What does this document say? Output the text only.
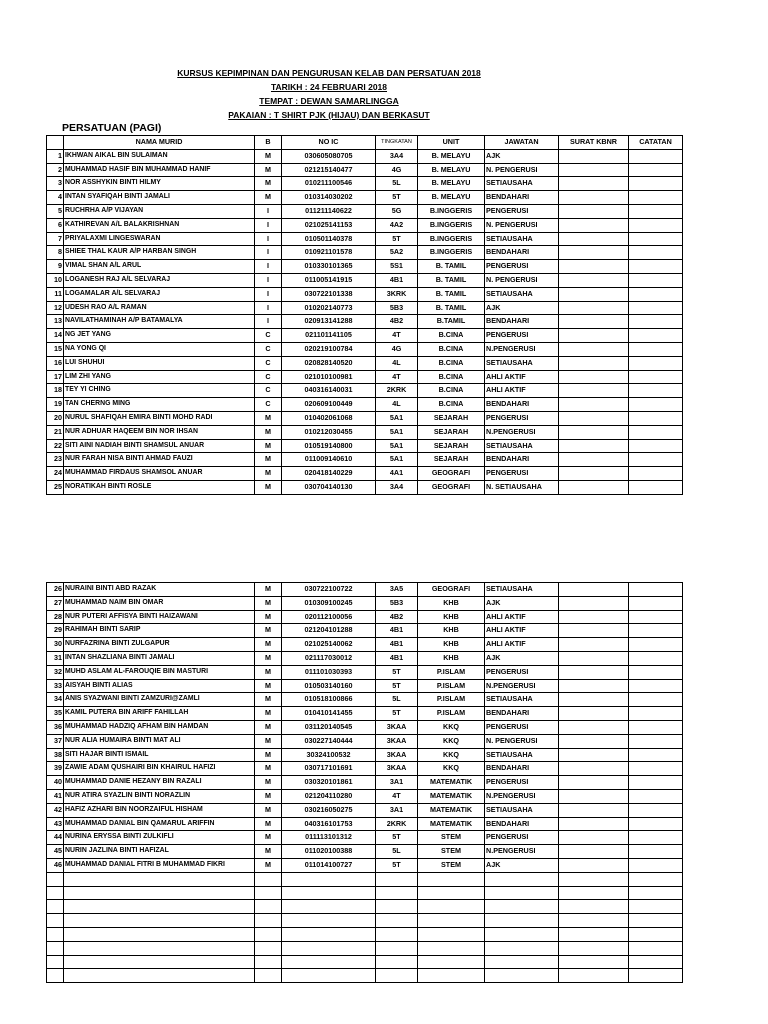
KURSUS KEPIMPINAN DAN PENGURUSAN KELAB DAN PERSATUAN 2018
TARIKH : 24 FEBRUARI 2018
TEMPAT : DEWAN SAMARLINGGA
PAKAIAN : T SHIRT PJK (HIJAU) DAN BERKASUT
PERSATUAN (PAGI)
	NAMA MURID	B	NO IC	TINGKATAN	UNIT	JAWATAN	SURAT KBNR	CATATAN
1	IKHWAN AIKAL BIN SULAIMAN	M	030605080705	3A4	B. MELAYU	AJK		
2	MUHAMMAD HASIF BIN MUHAMMAD HANIF	M	021215140477	4G	B. MELAYU	N. PENGERUSI		
3	NOR ASSHYKIN BINTI HILMY	M	010211100546	5L	B. MELAYU	SETIAUSAHA		
4	INTAN SYAFIQAH BINTI JAMALI	M	010314030202	5T	B. MELAYU	BENDAHARI		
5	RUCHRHA A/P VIJAYAN	I	011211140622	5G	B.INGGERIS	PENGERUSI		
6	KATHIREVAN A/L BALAKRISHNAN	I	021025141153	4A2	B.INGGERIS	N. PENGERUSI		
7	PRIYALAXMI LINGESWARAN	I	010501140378	5T	B.INGGERIS	SETIAUSAHA		
8	SHIEE THAL KAUR A/P HARBAN SINGH	I	010921101578	5A2	B.INGGERIS	BENDAHARI		
9	VIMAL SHAN A/L ARUL	I	010330101365	5S1	B. TAMIL	PENGERUSI		
10	LOGANESH RAJ A/L SELVARAJ	I	011005141915	4B1	B. TAMIL	N. PENGERUSI		
11	LOGAMALAR A/L SELVARAJ	I	030722101338	3KRK	B. TAMIL	SETIAUSAHA		
12	UDESH RAO A/L RAMAN	I	010202140773	5B3	B. TAMIL	AJK		
13	NAVILATHAMINAH A/P BATAMALYA	I	020913141288	4B2	B.TAMIL	BENDAHARI		
14	NG JET YANG	C	021101141105	4T	B.CINA	PENGERUSI		
15	NA YONG QI	C	020219100784	4G	B.CINA	N.PENGERUSI		
16	LUI SHUHUI	C	020828140520	4L	B.CINA	SETIAUSAHA		
17	LIM ZHI YANG	C	021010100981	4T	B.CINA	AHLI AKTIF		
18	TEY YI CHING	C	040316140031	2KRK	B.CINA	AHLI AKTIF		
19	TAN CHERNG MING	C	020609100449	4L	B.CINA	BENDAHARI		
20	NURUL SHAFIQAH EMIRA BINTI MOHD RADI	M	010402061068	5A1	SEJARAH	PENGERUSI		
21	NUR ADHUAR HAQEEM BIN NOR IHSAN	M	010212030455	5A1	SEJARAH	N.PENGERUSI		
22	SITI AINI NADIAH BINTI SHAMSUL ANUAR	M	010519140800	5A1	SEJARAH	SETIAUSAHA		
23	NUR FARAH NISA BINTI AHMAD FAUZI	M	011009140610	5A1	SEJARAH	BENDAHARI		
24	MUHAMMAD FIRDAUS SHAMSOL ANUAR	M	020418140229	4A1	GEOGRAFI	PENGERUSI		
25	NORATIKAH BINTI ROSLE	M	030704140130	3A4	GEOGRAFI	N. SETIAUSAHA		
26	NURAINI BINTI ABD RAZAK	M	030722100722	3A5	GEOGRAFI	SETIAUSAHA		
27	MUHAMMAD NAIM BIN OMAR	M	010309100245	5B3	KHB	AJK		
28	NUR PUTERI AFFISYA BINTI HAIZAWANI	M	020112100056	4B2	KHB	AHLI AKTIF		
29	RAHIMAH BINTI SARIP	M	021204101288	4B1	KHB	AHLI AKTIF		
30	NURFAZRINA BINTI ZULGAPUR	M	021025140062	4B1	KHB	AHLI AKTIF		
31	INTAN SHAZLIANA BINTI JAMALI	M	021117030012	4B1	KHB	AJK		
32	MUHD ASLAM AL-FAROUQIE BIN MASTURI	M	011101030393	5T	P.ISLAM	PENGERUSI		
33	AISYAH BINTI ALIAS	M	010503140160	5T	P.ISLAM	N.PENGERUSI		
34	ANIS SYAZWANI BINTI ZAMZURI@ZAMLI	M	010518100866	5L	P.ISLAM	SETIAUSAHA		
35	KAMIL PUTERA BIN ARIFF FAHILLAH	M	010410141455	5T	P.ISLAM	BENDAHARI		
36	MUHAMMAD HADZIQ AFHAM BIN HAMDAN	M	031120140545	3KAA	KKQ	PENGERUSI		
37	NUR ALIA HUMAIRA BINTI MAT ALI	M	030227140444	3KAA	KKQ	N. PENGERUSI		
38	SITI HAJAR BINTI ISMAIL	M	30324100532	3KAA	KKQ	SETIAUSAHA		
39	ZAWIE ADAM QUSHAIRI BIN KHAIRUL HAFIZI	M	030717101691	3KAA	KKQ	BENDAHARI		
40	MUHAMMAD DANIE HEZANY BIN RAZALI	M	030320101861	3A1	MATEMATIK	PENGERUSI		
41	NUR ATIRA SYAZLIN BINTI NORAZLIN	M	021204110280	4T	MATEMATIK	N.PENGERUSI		
42	HAFIZ AZHARI BIN NOORZAIFUL HISHAM	M	030216050275	3A1	MATEMATIK	SETIAUSAHA		
43	MUHAMMAD DANIAL BIN QAMARUL ARIFFIN	M	040316101753	2KRK	MATEMATIK	BENDAHARI		
44	NURINA ERYSSA BINTI ZULKIFLI	M	011113101312	5T	STEM	PENGERUSI		
45	NURIN JAZLINA BINTI HAFIZAL	M	011020100388	5L	STEM	N.PENGERUSI		
46	MUHAMMAD DANIAL FITRI B MUHAMMAD FIKRI	M	011014100727	5T	STEM	AJK		
